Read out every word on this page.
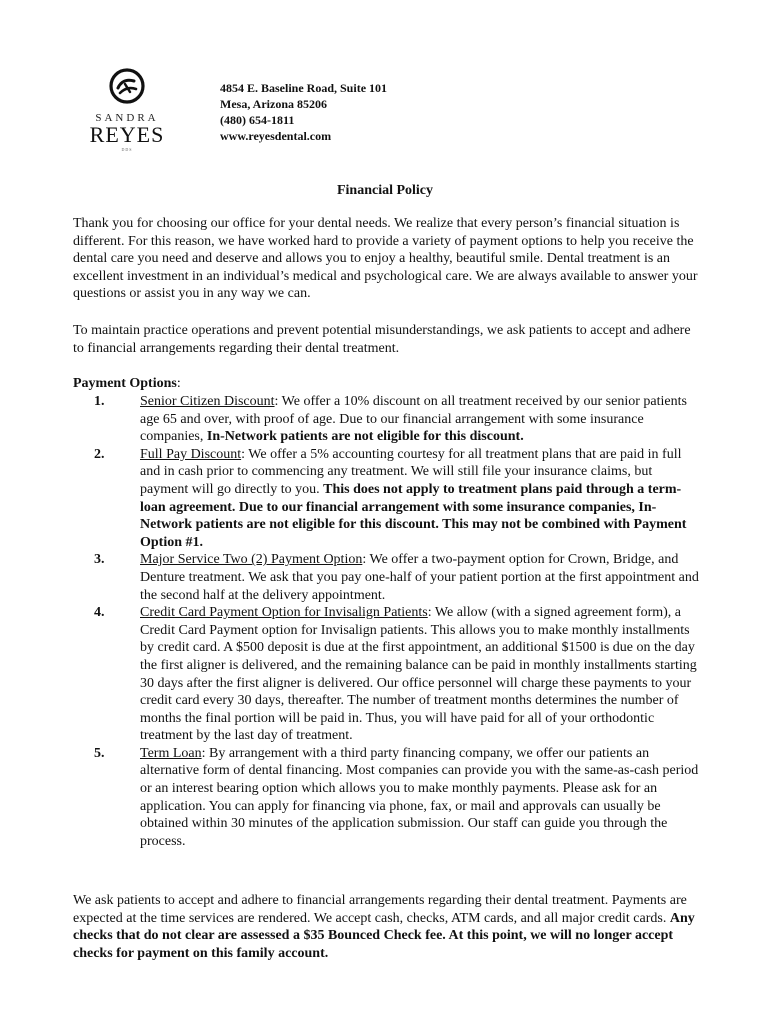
SANDRA
REYES
DDS
4854 E. Baseline Road, Suite 101
Mesa, Arizona 85206
(480) 654-1811
www.reyesdental.com
Financial Policy
Thank you for choosing our office for your dental needs. We realize that every person’s financial situation is different. For this reason, we have worked hard to provide a variety of payment options to help you receive the dental care you need and deserve and allows you to enjoy a healthy, beautiful smile. Dental treatment is an excellent investment in an individual’s medical and psychological care. We are always available to answer your questions or assist you in any way we can.
To maintain practice operations and prevent potential misunderstandings, we ask patients to accept and adhere to financial arrangements regarding their dental treatment.
Payment Options:
1.	Senior Citizen Discount: We offer a 10% discount on all treatment received by our senior patients age 65 and over, with proof of age. Due to our financial arrangement with some insurance companies, In-Network patients are not eligible for this discount.
2.	Full Pay Discount: We offer a 5% accounting courtesy for all treatment plans that are paid in full and in cash prior to commencing any treatment. We will still file your insurance claims, but payment will go directly to you. This does not apply to treatment plans paid through a term-loan agreement. Due to our financial arrangement with some insurance companies, In-Network patients are not eligible for this discount. This may not be combined with Payment Option #1.
3.	Major Service Two (2) Payment Option: We offer a two-payment option for Crown, Bridge, and Denture treatment. We ask that you pay one-half of your patient portion at the first appointment and the second half at the delivery appointment.
4.	Credit Card Payment Option for Invisalign Patients: We allow (with a signed agreement form), a Credit Card Payment option for Invisalign patients. This allows you to make monthly installments by credit card. A $500 deposit is due at the first appointment, an additional $1500 is due on the day the first aligner is delivered, and the remaining balance can be paid in monthly installments starting 30 days after the first aligner is delivered. Our office personnel will charge these payments to your credit card every 30 days, thereafter. The number of treatment months determines the number of months the final portion will be paid in. Thus, you will have paid for all of your orthodontic treatment by the last day of treatment.
5.	Term Loan: By arrangement with a third party financing company, we offer our patients an alternative form of dental financing. Most companies can provide you with the same-as-cash period or an interest bearing option which allows you to make monthly payments. Please ask for an application. You can apply for financing via phone, fax, or mail and approvals can usually be obtained within 30 minutes of the application submission. Our staff can guide you through the process.
We ask patients to accept and adhere to financial arrangements regarding their dental treatment. Payments are expected at the time services are rendered. We accept cash, checks, ATM cards, and all major credit cards. Any checks that do not clear are assessed a $35 Bounced Check fee. At this point, we will no longer accept checks for payment on this family account.
